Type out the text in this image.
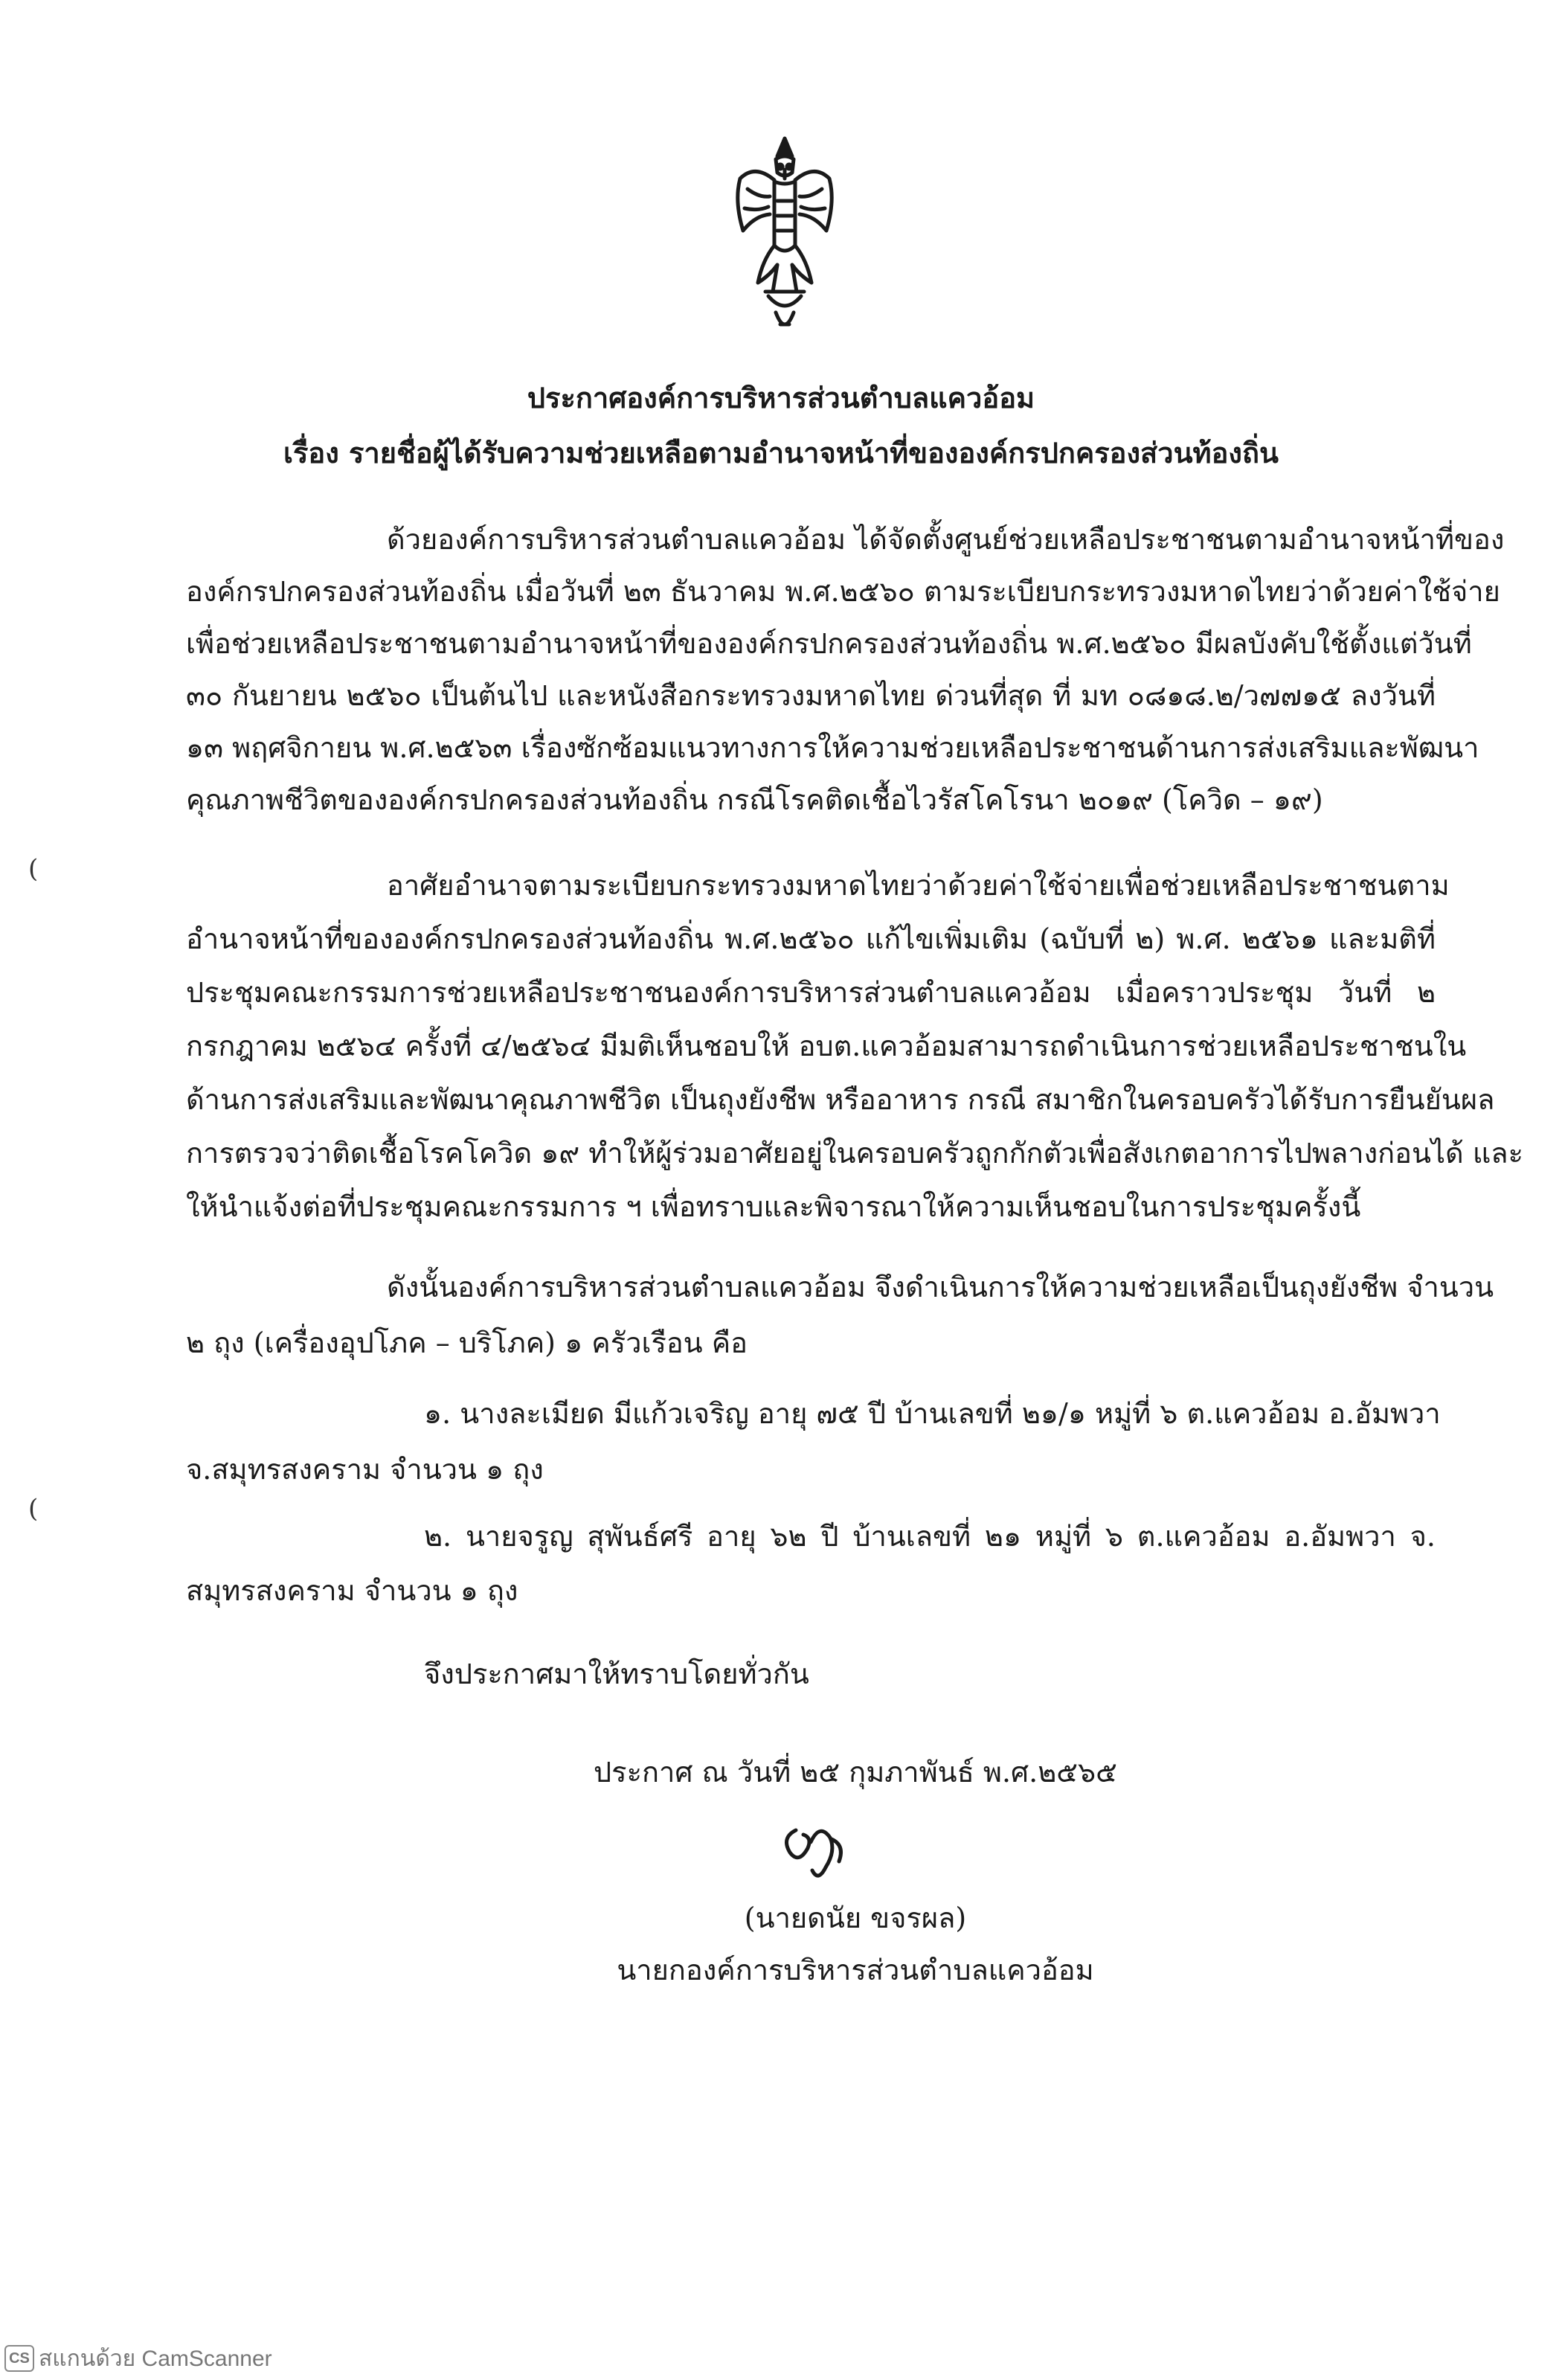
ประกาศองค์การบริหารส่วนตำบลแควอ้อม
เรื่อง รายชื่อผู้ได้รับความช่วยเหลือตามอำนาจหน้าที่ขององค์กรปกครองส่วนท้องถิ่น
ด้วยองค์การบริหารส่วนตำบลแควอ้อม ได้จัดตั้งศูนย์ช่วยเหลือประชาชนตามอำนาจหน้าที่ของ
องค์กรปกครองส่วนท้องถิ่น เมื่อวันที่ ๒๓ ธันวาคม พ.ศ.๒๕๖๐ ตามระเบียบกระทรวงมหาดไทยว่าด้วยค่าใช้จ่าย
เพื่อช่วยเหลือประชาชนตามอำนาจหน้าที่ขององค์กรปกครองส่วนท้องถิ่น พ.ศ.๒๕๖๐ มีผลบังคับใช้ตั้งแต่วันที่
๓๐ กันยายน ๒๕๖๐ เป็นต้นไป และหนังสือกระทรวงมหาดไทย ด่วนที่สุด ที่ มท ๐๘๑๘.๒/ว๗๗๑๕ ลงวันที่
๑๓ พฤศจิกายน พ.ศ.๒๕๖๓ เรื่องซักซ้อมแนวทางการให้ความช่วยเหลือประชาชนด้านการส่งเสริมและพัฒนา
คุณภาพชีวิตขององค์กรปกครองส่วนท้องถิ่น กรณีโรคติดเชื้อไวรัสโคโรนา ๒๐๑๙ (โควิด – ๑๙)
อาศัยอำนาจตามระเบียบกระทรวงมหาดไทยว่าด้วยค่าใช้จ่ายเพื่อช่วยเหลือประชาชนตาม
อำนาจหน้าที่ขององค์กรปกครองส่วนท้องถิ่น พ.ศ.๒๕๖๐ แก้ไขเพิ่มเติม (ฉบับที่ ๒) พ.ศ. ๒๕๖๑ และมติที่
ประชุมคณะกรรมการช่วยเหลือประชาชนองค์การบริหารส่วนตำบลแควอ้อม เมื่อคราวประชุม วันที่ ๒
กรกฎาคม ๒๕๖๔ ครั้งที่ ๔/๒๕๖๔ มีมติเห็นชอบให้ อบต.แควอ้อมสามารถดำเนินการช่วยเหลือประชาชนใน
ด้านการส่งเสริมและพัฒนาคุณภาพชีวิต เป็นถุงยังชีพ หรืออาหาร กรณี สมาชิกในครอบครัวได้รับการยืนยันผล
การตรวจว่าติดเชื้อโรคโควิด ๑๙ ทำให้ผู้ร่วมอาศัยอยู่ในครอบครัวถูกกักตัวเพื่อสังเกตอาการไปพลางก่อนได้ และ
ให้นำแจ้งต่อที่ประชุมคณะกรรมการ ฯ เพื่อทราบและพิจารณาให้ความเห็นชอบในการประชุมครั้งนี้
ดังนั้นองค์การบริหารส่วนตำบลแควอ้อม จึงดำเนินการให้ความช่วยเหลือเป็นถุงยังชีพ จำนวน
๒ ถุง (เครื่องอุปโภค – บริโภค) ๑ ครัวเรือน คือ
๑. นางละเมียด มีแก้วเจริญ อายุ ๗๕ ปี บ้านเลขที่ ๒๑/๑ หมู่ที่ ๖ ต.แควอ้อม อ.อัมพวา
จ.สมุทรสงคราม จำนวน ๑ ถุง
๒. นายจรูญ สุพันธ์ศรี อายุ ๖๒ ปี บ้านเลขที่ ๒๑ หมู่ที่ ๖ ต.แควอ้อม อ.อัมพวา จ.
สมุทรสงคราม จำนวน ๑ ถุง
จึงประกาศมาให้ทราบโดยทั่วกัน
ประกาศ ณ วันที่ ๒๕ กุมภาพันธ์ พ.ศ.๒๕๖๕
(นายดนัย ขจรผล)
นายกองค์การบริหารส่วนตำบลแควอ้อม
(
(
CS สแกนด้วย CamScanner
